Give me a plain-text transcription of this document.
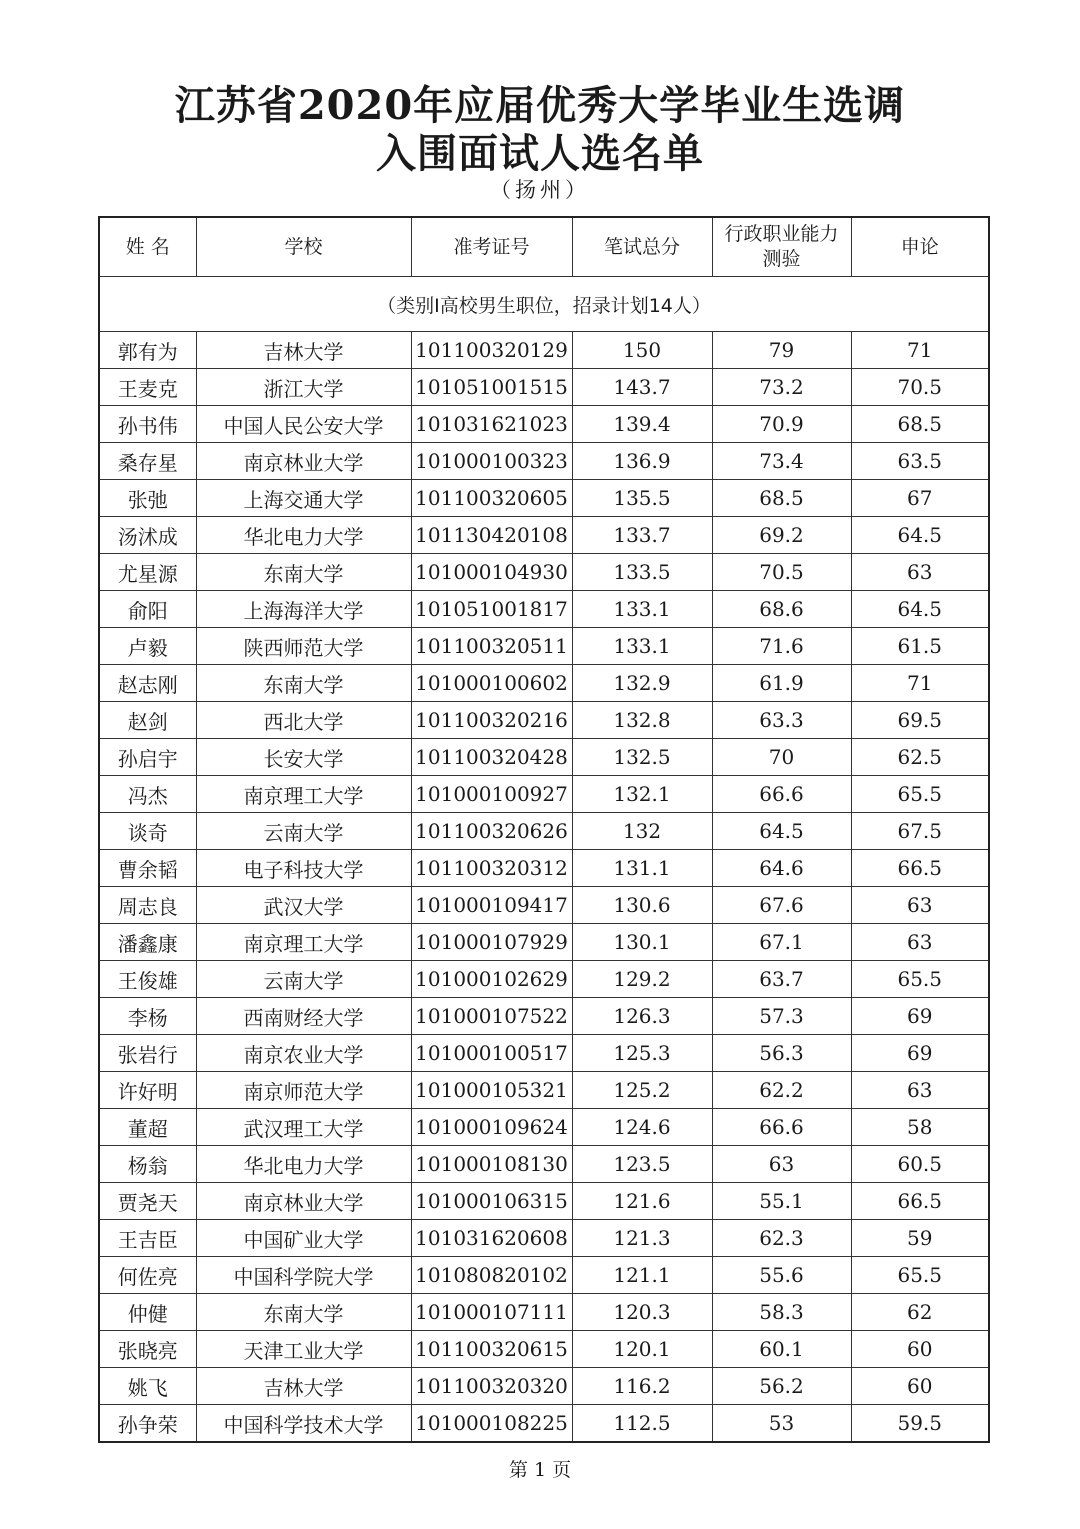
江苏省2020年应届优秀大学毕业生选调
入围面试人选名单
（扬州）
姓 名	学校	准考证号	笔试总分	行政职业能力测验	申论
（类别I高校男生职位，招录计划14人）					
郭有为	吉林大学	101100320129	150	79	71
王麦克	浙江大学	101051001515	143.7	73.2	70.5
孙书伟	中国人民公安大学	101031621023	139.4	70.9	68.5
桑存星	南京林业大学	101000100323	136.9	73.4	63.5
张弛	上海交通大学	101100320605	135.5	68.5	67
汤沭成	华北电力大学	101130420108	133.7	69.2	64.5
尤星源	东南大学	101000104930	133.5	70.5	63
俞阳	上海海洋大学	101051001817	133.1	68.6	64.5
卢毅	陕西师范大学	101100320511	133.1	71.6	61.5
赵志刚	东南大学	101000100602	132.9	61.9	71
赵剑	西北大学	101100320216	132.8	63.3	69.5
孙启宇	长安大学	101100320428	132.5	70	62.5
冯杰	南京理工大学	101000100927	132.1	66.6	65.5
谈奇	云南大学	101100320626	132	64.5	67.5
曹余韬	电子科技大学	101100320312	131.1	64.6	66.5
周志良	武汉大学	101000109417	130.6	67.6	63
潘鑫康	南京理工大学	101000107929	130.1	67.1	63
王俊雄	云南大学	101000102629	129.2	63.7	65.5
李杨	西南财经大学	101000107522	126.3	57.3	69
张岩行	南京农业大学	101000100517	125.3	56.3	69
许好明	南京师范大学	101000105321	125.2	62.2	63
董超	武汉理工大学	101000109624	124.6	66.6	58
杨翁	华北电力大学	101000108130	123.5	63	60.5
贾尧天	南京林业大学	101000106315	121.6	55.1	66.5
王吉臣	中国矿业大学	101031620608	121.3	62.3	59
何佐亮	中国科学院大学	101080820102	121.1	55.6	65.5
仲健	东南大学	101000107111	120.3	58.3	62
张晓亮	天津工业大学	101100320615	120.1	60.1	60
姚飞	吉林大学	101100320320	116.2	56.2	60
孙争荣	中国科学技术大学	101000108225	112.5	53	59.5
第 1 页
